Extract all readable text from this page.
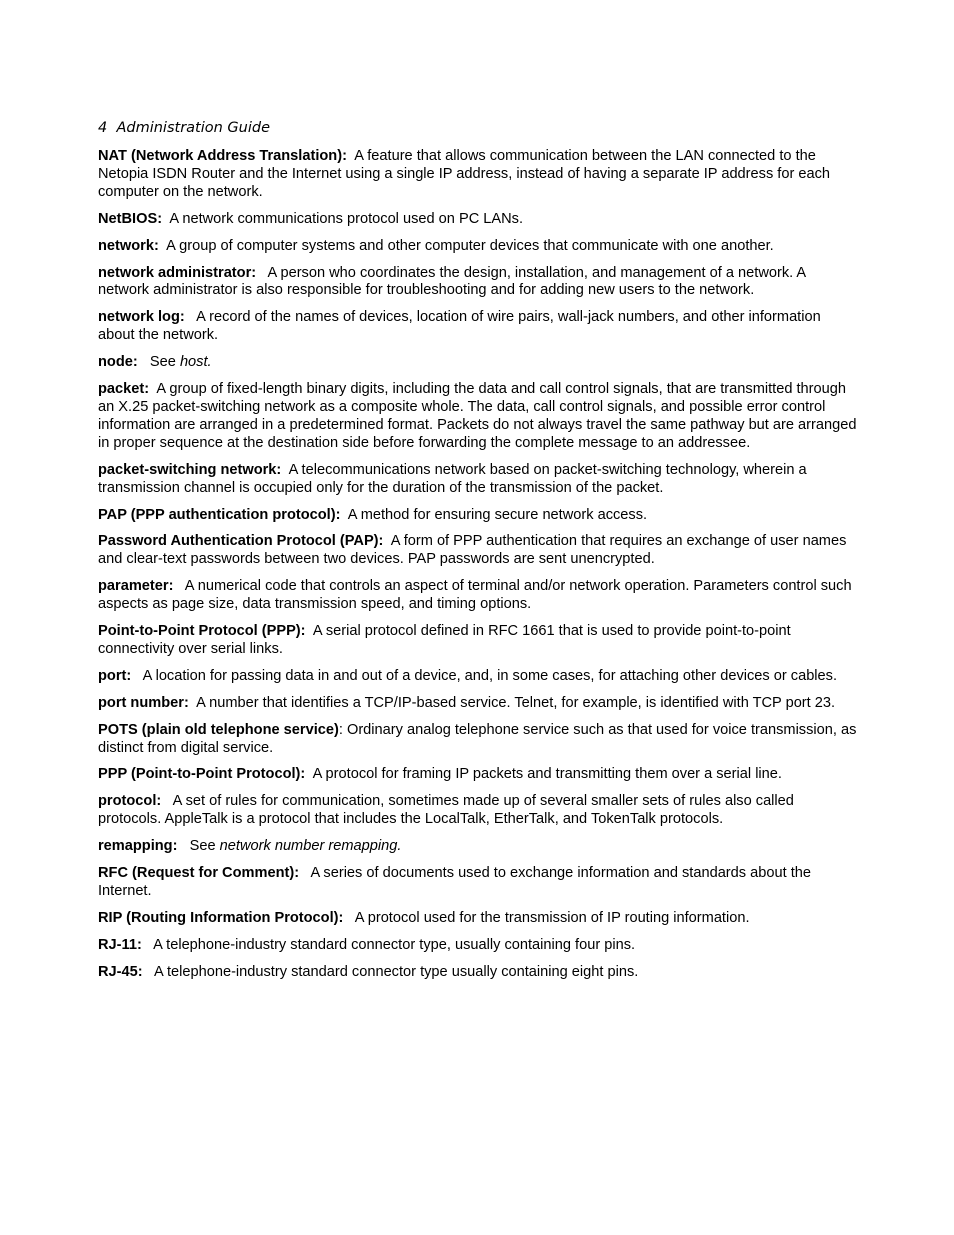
4 Administration Guide
NAT (Network Address Translation): A feature that allows communication between the LAN connected to the Netopia ISDN Router and the Internet using a single IP address, instead of having a separate IP address for each computer on the network.
NetBIOS: A network communications protocol used on PC LANs.
network: A group of computer systems and other computer devices that communicate with one another.
network administrator: A person who coordinates the design, installation, and management of a network. A network administrator is also responsible for troubleshooting and for adding new users to the network.
network log: A record of the names of devices, location of wire pairs, wall-jack numbers, and other information about the network.
node: See host.
packet: A group of fixed-length binary digits, including the data and call control signals, that are transmitted through an X.25 packet-switching network as a composite whole. The data, call control signals, and possible error control information are arranged in a predetermined format. Packets do not always travel the same pathway but are arranged in proper sequence at the destination side before forwarding the complete message to an addressee.
packet-switching network: A telecommunications network based on packet-switching technology, wherein a transmission channel is occupied only for the duration of the transmission of the packet.
PAP (PPP authentication protocol): A method for ensuring secure network access.
Password Authentication Protocol (PAP): A form of PPP authentication that requires an exchange of user names and clear-text passwords between two devices. PAP passwords are sent unencrypted.
parameter: A numerical code that controls an aspect of terminal and/or network operation. Parameters control such aspects as page size, data transmission speed, and timing options.
Point-to-Point Protocol (PPP): A serial protocol defined in RFC 1661 that is used to provide point-to-point connectivity over serial links.
port: A location for passing data in and out of a device, and, in some cases, for attaching other devices or cables.
port number: A number that identifies a TCP/IP-based service. Telnet, for example, is identified with TCP port 23.
POTS (plain old telephone service): Ordinary analog telephone service such as that used for voice transmission, as distinct from digital service.
PPP (Point-to-Point Protocol): A protocol for framing IP packets and transmitting them over a serial line.
protocol: A set of rules for communication, sometimes made up of several smaller sets of rules also called protocols. AppleTalk is a protocol that includes the LocalTalk, EtherTalk, and TokenTalk protocols.
remapping: See network number remapping.
RFC (Request for Comment): A series of documents used to exchange information and standards about the Internet.
RIP (Routing Information Protocol): A protocol used for the transmission of IP routing information.
RJ-11: A telephone-industry standard connector type, usually containing four pins.
RJ-45: A telephone-industry standard connector type usually containing eight pins.
